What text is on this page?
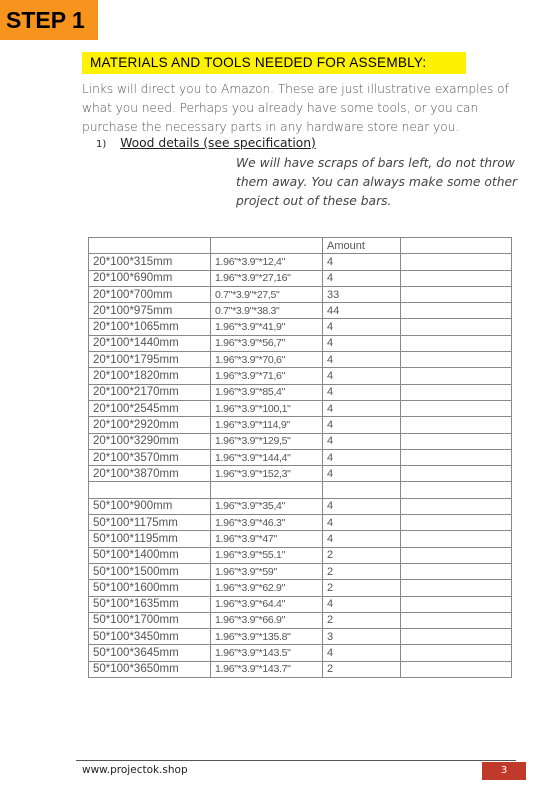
STEP 1
MATERIALS AND TOOLS NEEDED FOR ASSEMBLY:

Links will direct you to Amazon. These are just illustrative examples of what you need. Perhaps you already have some tools, or you can purchase the necessary parts in any hardware store near you.

1) Wood details (see specification)

We will have scraps of bars left, do not throw them away. You can always make some other project out of these bars.

		Amount	
20*100*315mm	1.96"*3.9"*12,4"	4	
20*100*690mm	1.96"*3.9"*27,16"	4	
20*100*700mm	0.7"*3.9"*27,5"	33	
20*100*975mm	0.7"*3.9"*38.3"	44	
20*100*1065mm	1.96"*3.9"*41,9"	4	
20*100*1440mm	1.96"*3.9"*56,7"	4	
20*100*1795mm	1.96"*3.9"*70,6"	4	
20*100*1820mm	1.96"*3.9"*71,6"	4	
20*100*2170mm	1.96"*3.9"*85,4"	4	
20*100*2545mm	1.96"*3.9"*100,1"	4	
20*100*2920mm	1.96"*3.9"*114,9"	4	
20*100*3290mm	1.96"*3.9"*129,5"	4	
20*100*3570mm	1.96"*3.9"*144,4"	4	
20*100*3870mm	1.96"*3.9"*152,3"	4	

50*100*900mm	1.96"*3.9"*35,4"	4	
50*100*1175mm	1.96"*3.9"*46.3"	4	
50*100*1195mm	1.96"*3.9"*47"	4	
50*100*1400mm	1.96"*3.9"*55.1"	2	
50*100*1500mm	1.96"*3.9"*59"	2	
50*100*1600mm	1.96"*3.9"*62.9"	2	
50*100*1635mm	1.96"*3.9"*64.4"	4	
50*100*1700mm	1.96"*3.9"*66.9"	2	
50*100*3450mm	1.96"*3.9"*135.8"	3	
50*100*3645mm	1.96"*3.9"*143.5"	4	
50*100*3650mm	1.96"*3.9"*143.7"	2	
www.projectok.shop	3
